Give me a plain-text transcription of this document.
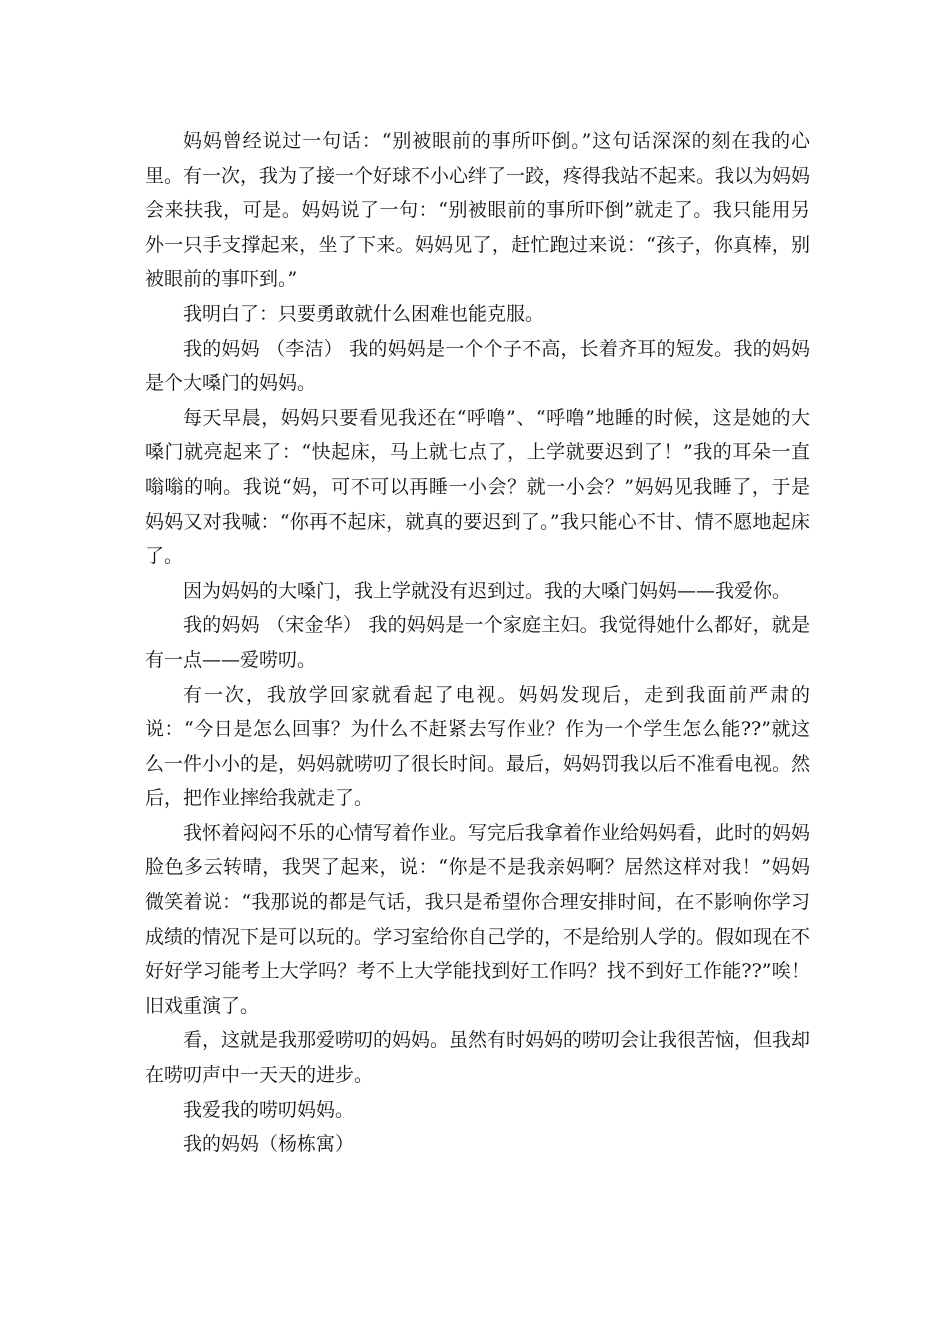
妈妈曾经说过一句话：“别被眼前的事所吓倒。”这句话深深的刻在我的心里。有一次，我为了接一个好球不小心绊了一跤，疼得我站不起来。我以为妈妈会来扶我，可是。妈妈说了一句：“别被眼前的事所吓倒”就走了。我只能用另外一只手支撑起来，坐了下来。妈妈见了，赶忙跑过来说：“孩子，你真棒，别被眼前的事吓到。”

我明白了：只要勇敢就什么困难也能克服。

我的妈妈 （李洁） 我的妈妈是一个个子不高，长着齐耳的短发。我的妈妈是个大嗓门的妈妈。

每天早晨，妈妈只要看见我还在“呼噜”、“呼噜”地睡的时候，这是她的大嗓门就亮起来了：“快起床，马上就七点了，上学就要迟到了！”我的耳朵一直嗡嗡的响。我说“妈，可不可以再睡一小会？就一小会？”妈妈见我睡了，于是妈妈又对我喊：“你再不起床，就真的要迟到了。”我只能心不甘、情不愿地起床了。

因为妈妈的大嗓门，我上学就没有迟到过。我的大嗓门妈妈——我爱你。

我的妈妈 （宋金华） 我的妈妈是一个家庭主妇。我觉得她什么都好，就是有一点——爱唠叨。

有一次，我放学回家就看起了电视。妈妈发现后，走到我面前严肃的说：“今日是怎么回事？为什么不赶紧去写作业？作为一个学生怎么能??”就这么一件小小的是，妈妈就唠叨了很长时间。最后，妈妈罚我以后不准看电视。然后，把作业摔给我就走了。

我怀着闷闷不乐的心情写着作业。写完后我拿着作业给妈妈看，此时的妈妈脸色多云转晴，我哭了起来，说：“你是不是我亲妈啊？居然这样对我！”妈妈微笑着说：“我那说的都是气话，我只是希望你合理安排时间，在不影响你学习成绩的情况下是可以玩的。学习室给你自己学的，不是给别人学的。假如现在不好好学习能考上大学吗？考不上大学能找到好工作吗？找不到好工作能??”唉！旧戏重演了。

看，这就是我那爱唠叨的妈妈。虽然有时妈妈的唠叨会让我很苦恼，但我却在唠叨声中一天天的进步。

我爱我的唠叨妈妈。

我的妈妈（杨栋寓）
